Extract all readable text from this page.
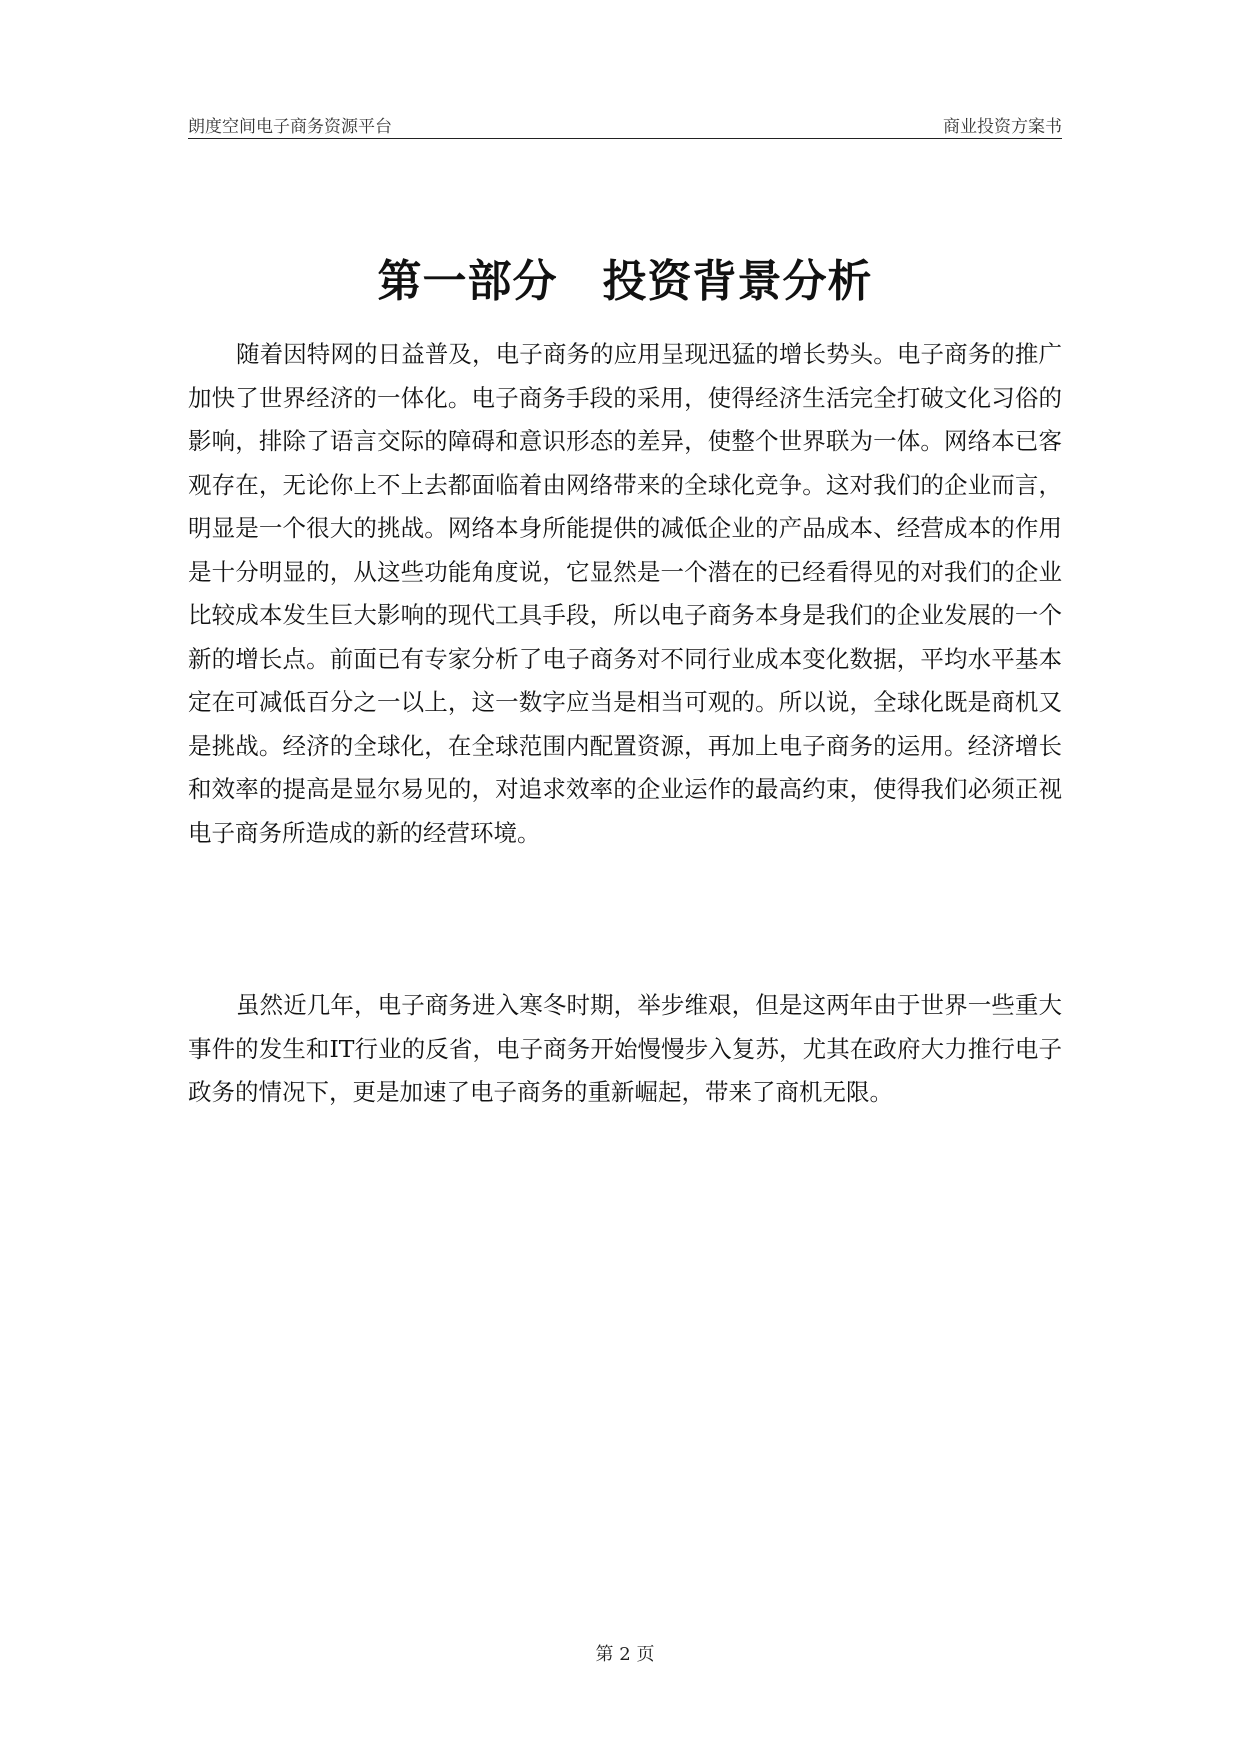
朗度空间电子商务资源平台	商业投资方案书
第一部分　投资背景分析

随着因特网的日益普及，电子商务的应用呈现迅猛的增长势头。电子商务的推广加快了世界经济的一体化。电子商务手段的采用，使得经济生活完全打破文化习俗的影响，排除了语言交际的障碍和意识形态的差异，使整个世界联为一体。网络本已客观存在，无论你上不上去都面临着由网络带来的全球化竞争。这对我们的企业而言，明显是一个很大的挑战。网络本身所能提供的减低企业的产品成本、经营成本的作用是十分明显的，从这些功能角度说，它显然是一个潜在的已经看得见的对我们的企业比较成本发生巨大影响的现代工具手段，所以电子商务本身是我们的企业发展的一个新的增长点。前面已有专家分析了电子商务对不同行业成本变化数据，平均水平基本定在可减低百分之一以上，这一数字应当是相当可观的。所以说，全球化既是商机又是挑战。经济的全球化，在全球范围内配置资源，再加上电子商务的运用。经济增长和效率的提高是显尔易见的，对追求效率的企业运作的最高约束，使得我们必须正视电子商务所造成的新的经营环境。

虽然近几年，电子商务进入寒冬时期，举步维艰，但是这两年由于世界一些重大事件的发生和IT行业的反省，电子商务开始慢慢步入复苏，尤其在政府大力推行电子政务的情况下，更是加速了电子商务的重新崛起，带来了商机无限。

第 2 页
